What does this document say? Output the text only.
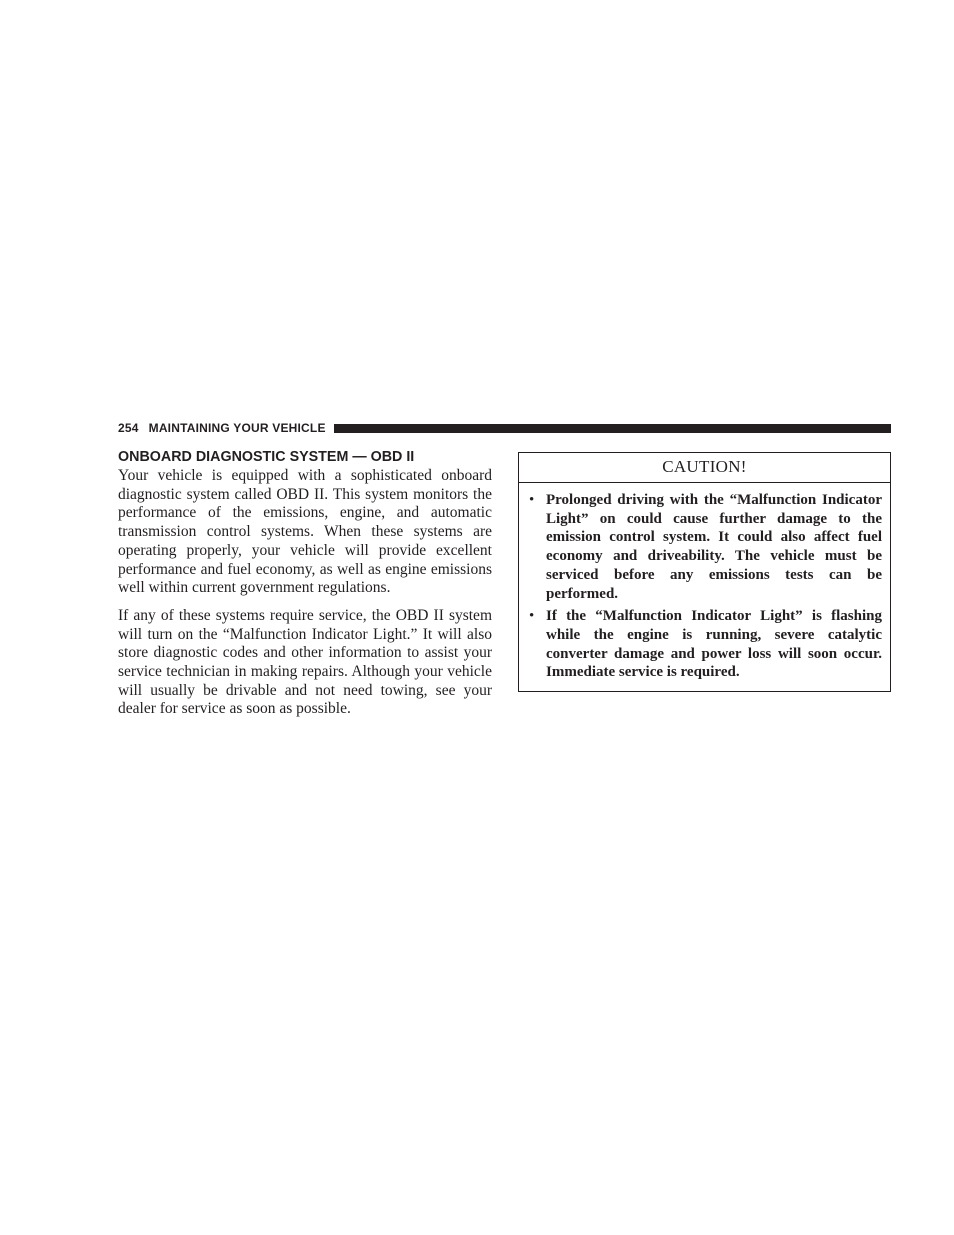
254 MAINTAINING YOUR VEHICLE
ONBOARD DIAGNOSTIC SYSTEM — OBD II

Your vehicle is equipped with a sophisticated onboard diagnostic system called OBD II. This system monitors the performance of the emissions, engine, and automatic transmission control systems. When these systems are operating properly, your vehicle will provide excellent performance and fuel economy, as well as engine emissions well within current government regulations.

If any of these systems require service, the OBD II system will turn on the “Malfunction Indicator Light.” It will also store diagnostic codes and other information to assist your service technician in making repairs. Although your vehicle will usually be drivable and not need towing, see your dealer for service as soon as possible.

CAUTION!
• Prolonged driving with the “Malfunction Indicator Light” on could cause further damage to the emission control system. It could also affect fuel economy and driveability. The vehicle must be serviced before any emissions tests can be performed.
• If the “Malfunction Indicator Light” is flashing while the engine is running, severe catalytic converter damage and power loss will soon occur. Immediate service is required.
